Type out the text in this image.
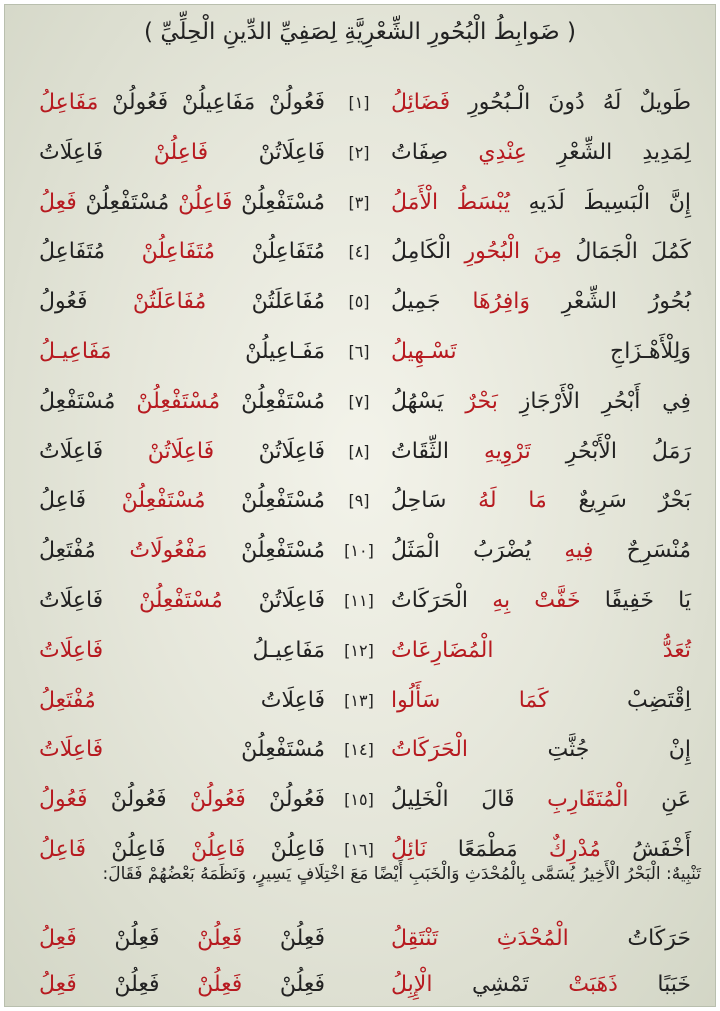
( ضَوابِطُ الْبُحُورِ الشِّعْرِيَّةِ لِصَفِيِّ الدِّينِ الْحِلِّيِّ )
طَويلٌ لَهُ دُونَ الْـبُحُورِ فَضَائِلُ
[١]
فَعُولُنْ مَفَاعِيلُنْ فَعُولُنْ مَفَاعِلُ
لِمَدِيدِ الشِّعْرِ عِنْدِي صِفَاتُ
[٢]
فَاعِلَاتُنْ فَاعِلُنْ فَاعِلَاتُ
إِنَّ الْبَسِيطَ لَدَيهِ يُبْسَطُ الْأَمَلُ
[٣]
مُسْتَفْعِلُنْ فَاعِلُنْ مُسْتَفْعِلُنْ فَعِلُ
كَمُلَ الْجَمَالُ مِنَ الْبُحُورِ الْكَامِلُ
[٤]
مُتَفَاعِلُنْ مُتَفَاعِلُنْ مُتَفَاعِلُ
بُحُورُ الشِّعْرِ وَافِرُهَا جَمِيلُ
[٥]
مُفَاعَلَتُنْ مُفَاعَلَتُنْ فَعُولُ
وَلِلْأَهْـزَاجِ تَسْـهِيلُ
[٦]
مَفَـاعِيلُنْ مَفَاعِيـلُ
فِي أَبْحُرِ الْأَرْجَازِ بَحْرٌ يَسْهُلُ
[٧]
مُسْتَفْعِلُنْ مُسْتَفْعِلُنْ مُسْتَفْعِلُ
رَمَلُ الْأَبْحُرِ تَرْوِيهِ الثِّقَاتُ
[٨]
فَاعِلَاتُنْ فَاعِلَاتُنْ فَاعِلَاتُ
بَحْرٌ سَرِيعٌ مَا لَهُ سَاحِلُ
[٩]
مُسْتَفْعِلُنْ مُسْتَفْعِلُنْ فَاعِلُ
مُنْسَرِحٌ فِيهِ يُضْرَبُ الْمَثَلُ
[١٠]
مُسْتَفْعِلُنْ مَفْعُولَاتُ مُفْتَعِلُ
يَا خَفِيفًا خَفَّتْ بِهِ الْحَرَكَاتُ
[١١]
فَاعِلَاتُنْ مُسْتَفْعِلُنْ فَاعِلَاتُ
تُعَدُّ الْمُضَارِعَاتُ
[١٢]
مَفَاعِيـلُ فَاعِلَاتُ
اِقْتَضِبْ كَمَا سَأَلُوا
[١٣]
فَاعِلَاتُ مُفْتَعِلُ
إِنْ جُثَّتِ الْحَرَكَاتُ
[١٤]
مُسْتَفْعِلُنْ فَاعِلَاتُ
عَنِ الْمُتَقَارِبِ قَالَ الْخَلِيلُ
[١٥]
فَعُولُنْ فَعُولُنْ فَعُولُنْ فَعُولُ
تَنْبِيهٌ: الْبَحْرُ الْأَخِيرُ يُسَمَّى بِالْمُحْدَثِ وَالْخَبَبِ أَيْضًا مَعَ اخْتِلَافٍ يَسِيرٍ، وَنَظَمَهُ بَعْضُهُمْ فَقَالَ:
حَرَكَاتُ الْمُحْدَثِ تَنْتَقِلُ
فَعِلُنْ فَعِلُنْ فَعِلُنْ فَعِلُ
خَبَبًا ذَهَبَتْ تَمْشِي الْإِبِلُ
فَعِلُنْ فَعِلُنْ فَعِلُنْ فَعِلُ
أَخْفَشُ مُدْرِكٌ مَطْمَعًا نَائِلُ
[١٦]
فَاعِلُنْ فَاعِلُنْ فَاعِلُنْ فَاعِلُ
